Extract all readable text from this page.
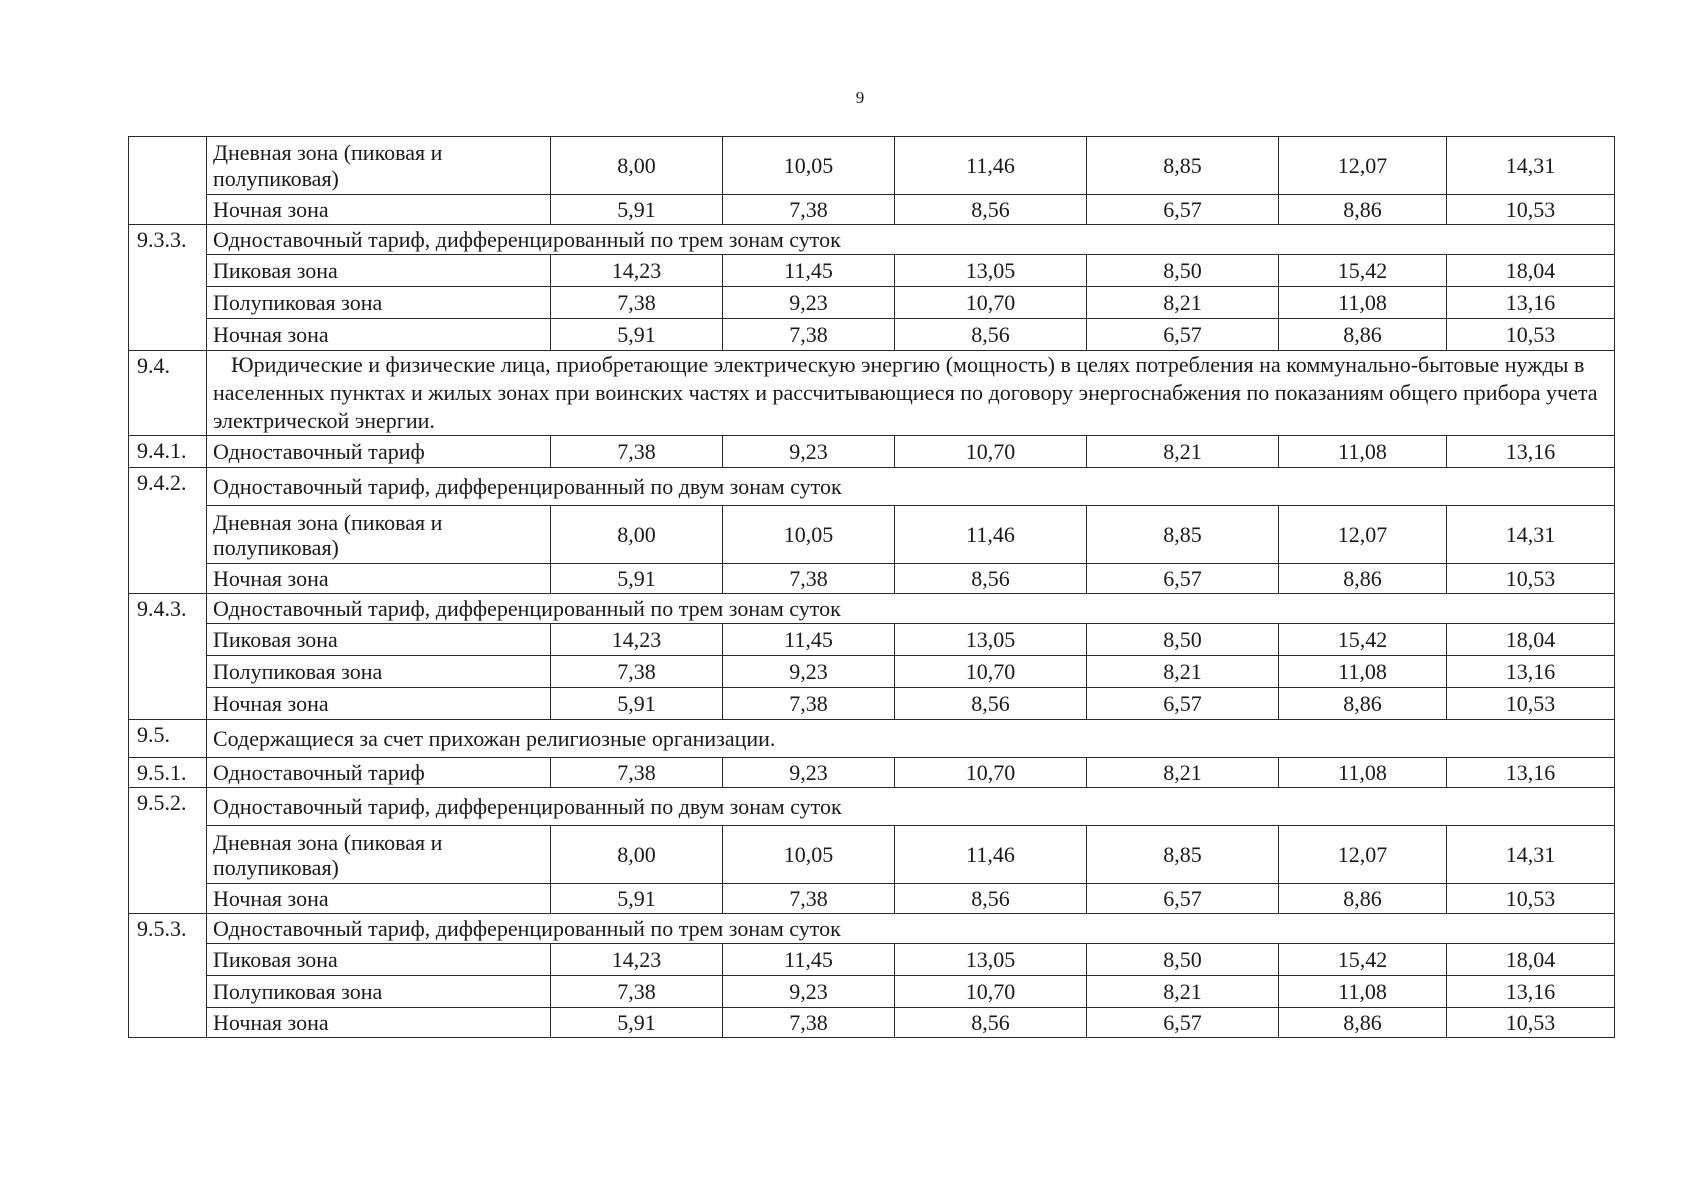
9
	Дневная зона (пиковая и полупиковая)	8,00	10,05	11,46	8,85	12,07	14,31
	Ночная зона	5,91	7,38	8,56	6,57	8,86	10,53
9.3.3.	Одноставочный тариф, дифференцированный по трем зонам суток						
	Пиковая зона	14,23	11,45	13,05	8,50	15,42	18,04
	Полупиковая зона	7,38	9,23	10,70	8,21	11,08	13,16
	Ночная зона	5,91	7,38	8,56	6,57	8,86	10,53
9.4.	Юридические и физические лица, приобретающие электрическую энергию (мощность) в целях потребления на коммунально-бытовые нужды в населенных пунктах и жилых зонах при воинских частях и рассчитывающиеся по договору энергоснабжения по показаниям общего прибора учета электрической энергии.						
9.4.1.	Одноставочный тариф	7,38	9,23	10,70	8,21	11,08	13,16
9.4.2.	Одноставочный тариф, дифференцированный по двум зонам суток						
	Дневная зона (пиковая и полупиковая)	8,00	10,05	11,46	8,85	12,07	14,31
	Ночная зона	5,91	7,38	8,56	6,57	8,86	10,53
9.4.3.	Одноставочный тариф, дифференцированный по трем зонам суток						
	Пиковая зона	14,23	11,45	13,05	8,50	15,42	18,04
	Полупиковая зона	7,38	9,23	10,70	8,21	11,08	13,16
	Ночная зона	5,91	7,38	8,56	6,57	8,86	10,53
9.5.	Содержащиеся за счет прихожан религиозные организации.						
9.5.1.	Одноставочный тариф	7,38	9,23	10,70	8,21	11,08	13,16
9.5.2.	Одноставочный тариф, дифференцированный по двум зонам суток						
	Дневная зона (пиковая и полупиковая)	8,00	10,05	11,46	8,85	12,07	14,31
	Ночная зона	5,91	7,38	8,56	6,57	8,86	10,53
9.5.3.	Одноставочный тариф, дифференцированный по трем зонам суток						
	Пиковая зона	14,23	11,45	13,05	8,50	15,42	18,04
	Полупиковая зона	7,38	9,23	10,70	8,21	11,08	13,16
	Ночная зона	5,91	7,38	8,56	6,57	8,86	10,53
